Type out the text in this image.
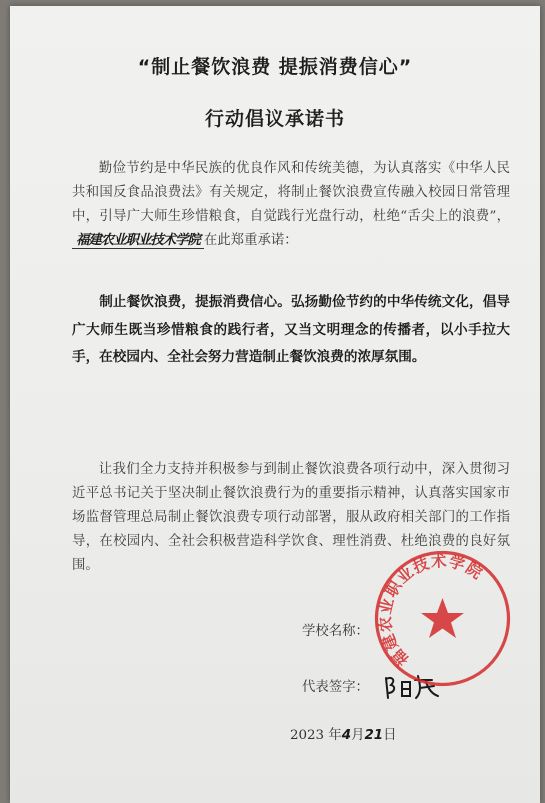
“制止餐饮浪费 提振消费信心”
行动倡议承诺书
勤俭节约是中华民族的优良作风和传统美德，为认真落实《中华人民共和国反食品浪费法》有关规定，将制止餐饮浪费宣传融入校园日常管理中，引导广大师生珍惜粮食，自觉践行光盘行动，杜绝“舌尖上的浪费”，福建农业职业技术学院 在此郑重承诺：
制止餐饮浪费，提振消费信心。弘扬勤俭节约的中华传统文化，倡导广大师生既当珍惜粮食的践行者，又当文明理念的传播者，以小手拉大手，在校园内、全社会努力营造制止餐饮浪费的浓厚氛围。
让我们全力支持并积极参与到制止餐饮浪费各项行动中，深入贯彻习近平总书记关于坚决制止餐饮浪费行为的重要指示精神，认真落实国家市场监督管理总局制止餐饮浪费专项行动部署，服从政府相关部门的工作指导，在校园内、全社会积极营造科学饮食、理性消费、杜绝浪费的良好氛围。
学校名称：
代表签字：
2023 年4月21日
福建农业职业技术学院
